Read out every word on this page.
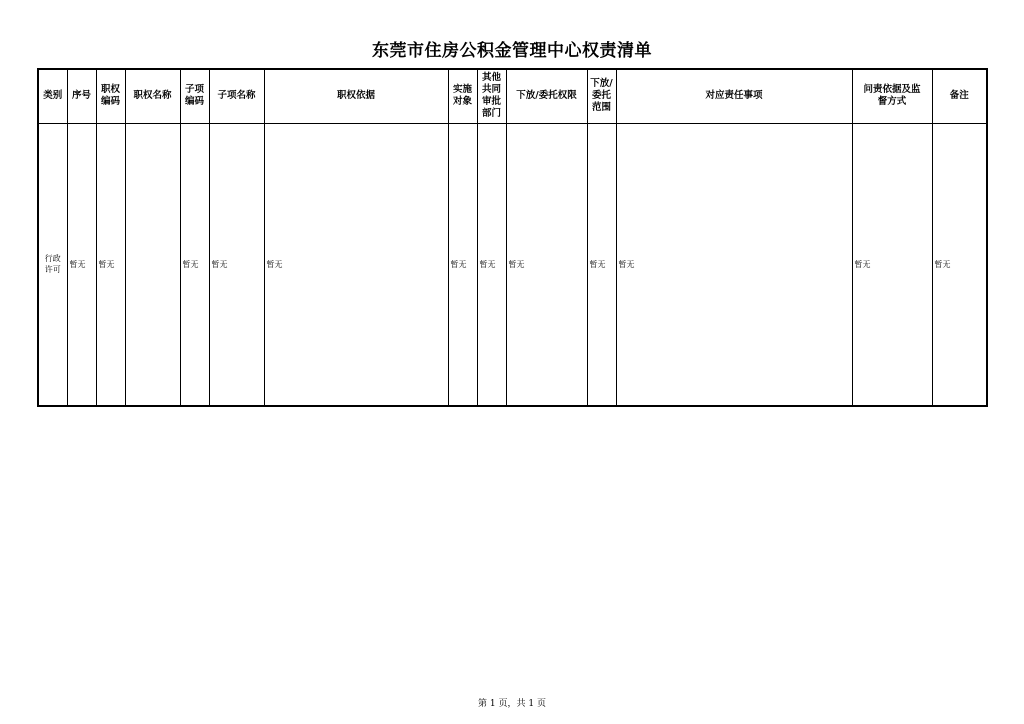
东莞市住房公积金管理中心权责清单
类别	序号	职权编码	职权名称	子项编码	子项名称	职权依据	实施对象	其他共同审批部门	下放/委托权限	下放/委托范围	对应责任事项	问责依据及监督方式	备注
行政许可	暂无	暂无		暂无	暂无	暂无	暂无	暂无	暂无	暂无	暂无	暂无	暂无
第 1 页，共 1 页
